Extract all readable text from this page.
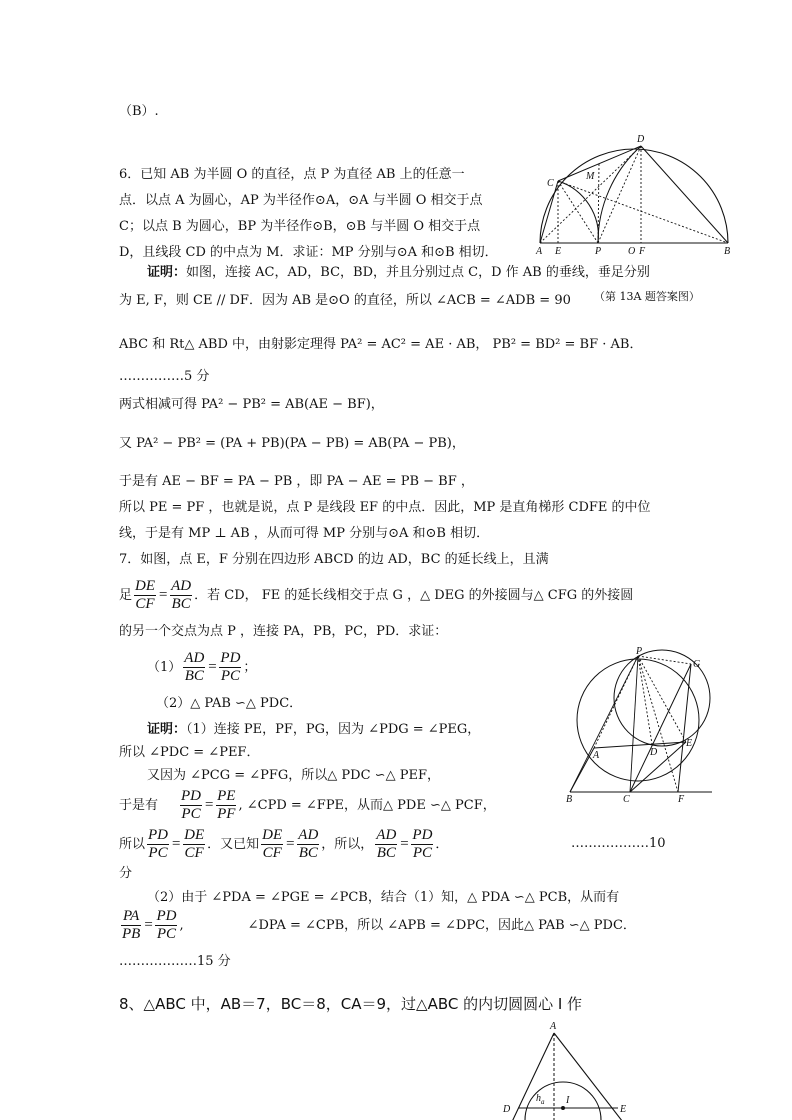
（B）.
6．已知 AB 为半圆 O 的直径，点 P 为直径 AB 上的任意一
点．以点 A 为圆心，AP 为半径作⊙A，⊙A 与半圆 O 相交于点
C；以点 B 为圆心，BP 为半径作⊙B，⊙B 与半圆 O 相交于点
D，且线段 CD 的中点为 M．求证：MP 分别与⊙A 和⊙B 相切．
证明：如图，连接 AC，AD，BC，BD，并且分别过点 C，D 作 AB 的垂线，垂足分别
为 E, F，则 CE // DF．因为 AB 是⊙O 的直径，所以 ∠ACB = ∠ADB = 90 （第 13A 题答案图）
ABC 和 Rt△ ABD 中，由射影定理得 PA² = AC² = AE · AB， PB² = BD² = BF · AB．
……………5 分
两式相减可得 PA² − PB² = AB(AE − BF)，
又 PA² − PB² = (PA + PB)(PA − PB) = AB(PA − PB)，
于是有 AE − BF = PA − PB ，即 PA − AE = PB − BF ，
所以 PE = PF ，也就是说，点 P 是线段 EF 的中点．因此，MP 是直角梯形 CDFE 的中位
线，于是有 MP ⊥ AB ，从而可得 MP 分别与⊙A 和⊙B 相切．
D
M
C
A E	P	O F	B
7．如图，点 E，F 分别在四边形 ABCD 的边 AD，BC 的延长线上，且满
足 $\frac{DE}{CF} = \frac{AD}{BC}$ ．若 CD， FE 的延长线相交于点 G ，△ DEG 的外接圆与△ CFG 的外接圆
的另一个交点为点 P ，连接 PA，PB，PC，PD．求证：
$(1) \frac{AD}{BC} = \frac{PD}{PC}$ ；
（2）△ PAB ∽△ PDC．
证明：（1）连接 PE，PF，PG，因为 ∠PDG = ∠PEG，
所以 ∠PDC = ∠PEF．
又因为 ∠PCG = ∠PFG，所以△ PDC ∽△ PEF，
于是有 $\frac{PD}{PC} = \frac{PE}{PF}$ , ∠CPD = ∠FPE，从而△ PDE ∽△ PCF，
所以 $\frac{PD}{PC} = \frac{DE}{CF}$ ．又已知 $\frac{DE}{CF} = \frac{AD}{BC}$ ，所以， $\frac{AD}{BC} = \frac{PD}{PC}$ ．	………………10
分
（2）由于 ∠PDA = ∠PGE = ∠PCB，结合（1）知，△ PDA ∽△ PCB，从而有
$\frac{PA}{PB} = \frac{PD}{PC}$ ,	∠DPA = ∠CPB，所以 ∠APB = ∠DPC，因此△ PAB ∽△ PDC．
………………15 分
P
G
A	D
E
B	C	F
8、△ABC 中，AB＝7，BC＝8，CA＝9，过△ABC 的内切圆圆心 I 作
A
$h_a$ I
D	E
